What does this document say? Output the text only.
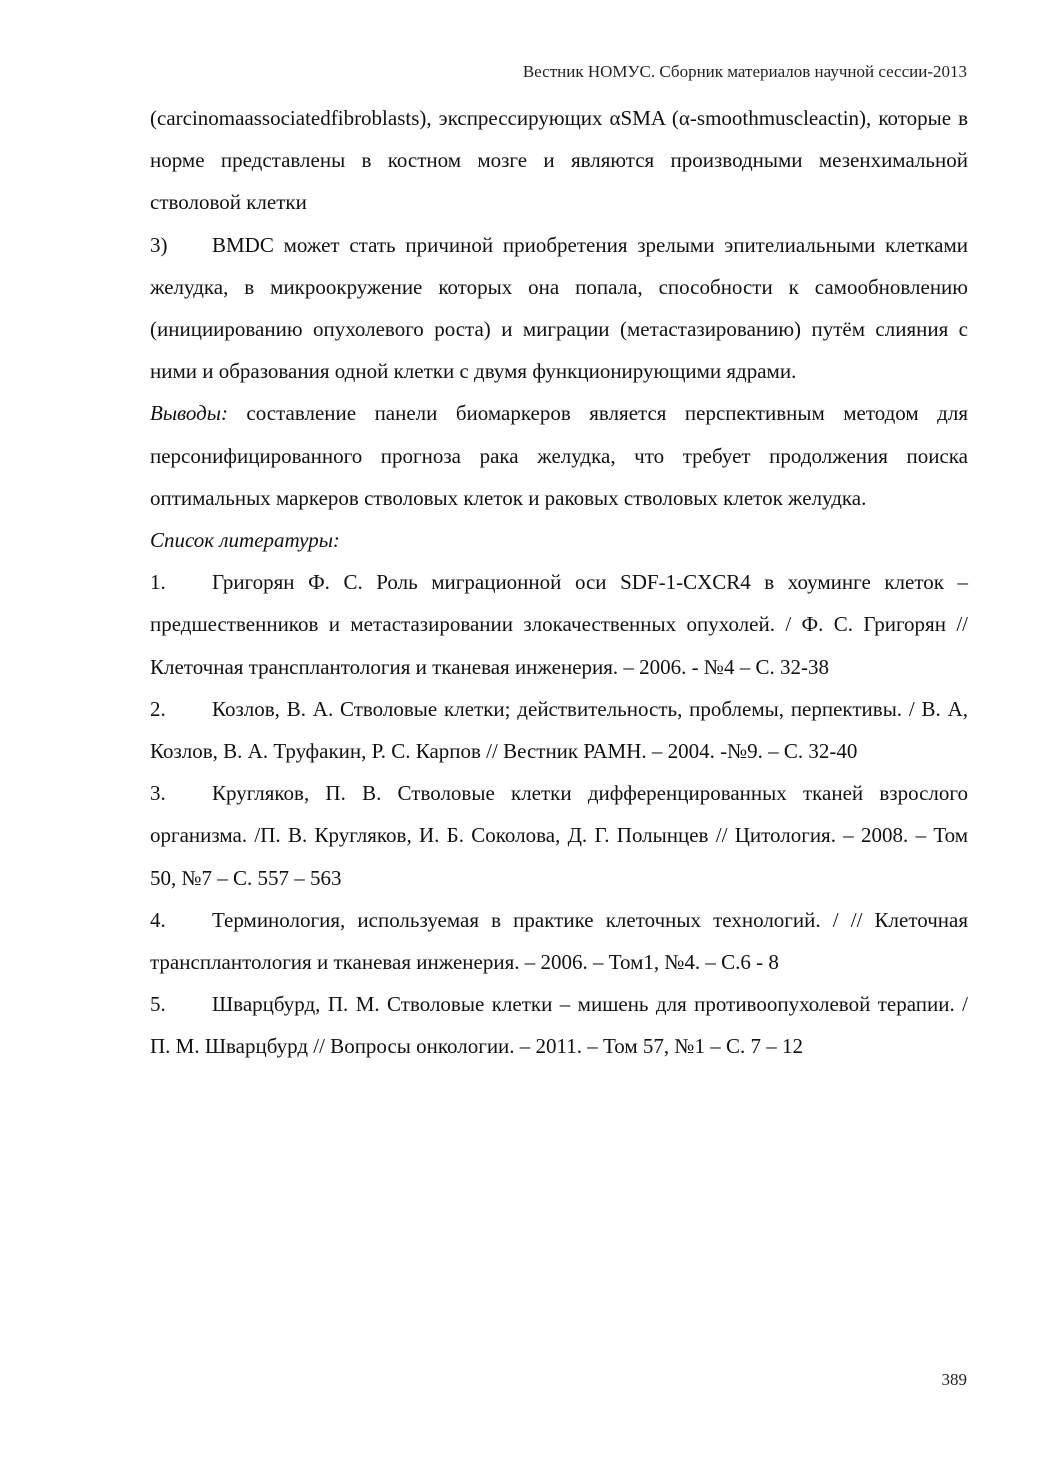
Вестник НОМУС. Сборник материалов научной сессии-2013

(carcinomaassociatedfibroblasts), экспрессирующих αSMA (α-smoothmuscleactin), которые в норме представлены в костном мозге и являются производными мезенхимальной стволовой клетки

3) BMDC может стать причиной приобретения зрелыми эпителиальными клетками желудка, в микроокружение которых она попала, способности к самообновлению (инициированию опухолевого роста) и миграции (метастазированию) путём слияния с ними и образования одной клетки с двумя функционирующими ядрами.

Выводы: составление панели биомаркеров является перспективным методом для персонифицированного прогноза рака желудка, что требует продолжения поиска оптимальных маркеров стволовых клеток и раковых стволовых клеток желудка.

Список литературы:

1. Григорян Ф. С. Роль миграционной оси SDF-1-CXCR4 в хоуминге клеток – предшественников и метастазировании злокачественных опухолей. / Ф. С. Григорян // Клеточная трансплантология и тканевая инженерия. – 2006. - №4 – С. 32-38

2. Козлов, В. А. Стволовые клетки; действительность, проблемы, перпективы. / В. А, Козлов, В. А. Труфакин, Р. С. Карпов // Вестник РАМН. – 2004. -№9. – С. 32-40

3. Кругляков, П. В. Стволовые клетки дифференцированных тканей взрослого организма. /П. В. Кругляков, И. Б. Соколова, Д. Г. Полынцев // Цитология. – 2008. – Том 50, №7 – С. 557 – 563

4. Терминология, используемая в практике клеточных технологий. / // Клеточная трансплантология и тканевая инженерия. – 2006. – Том1, №4. – С.6 - 8

5. Шварцбурд, П. М. Стволовые клетки – мишень для противоопухолевой терапии. / П. М. Шварцбурд // Вопросы онкологии. – 2011. – Том 57, №1 – С. 7 – 12

389
